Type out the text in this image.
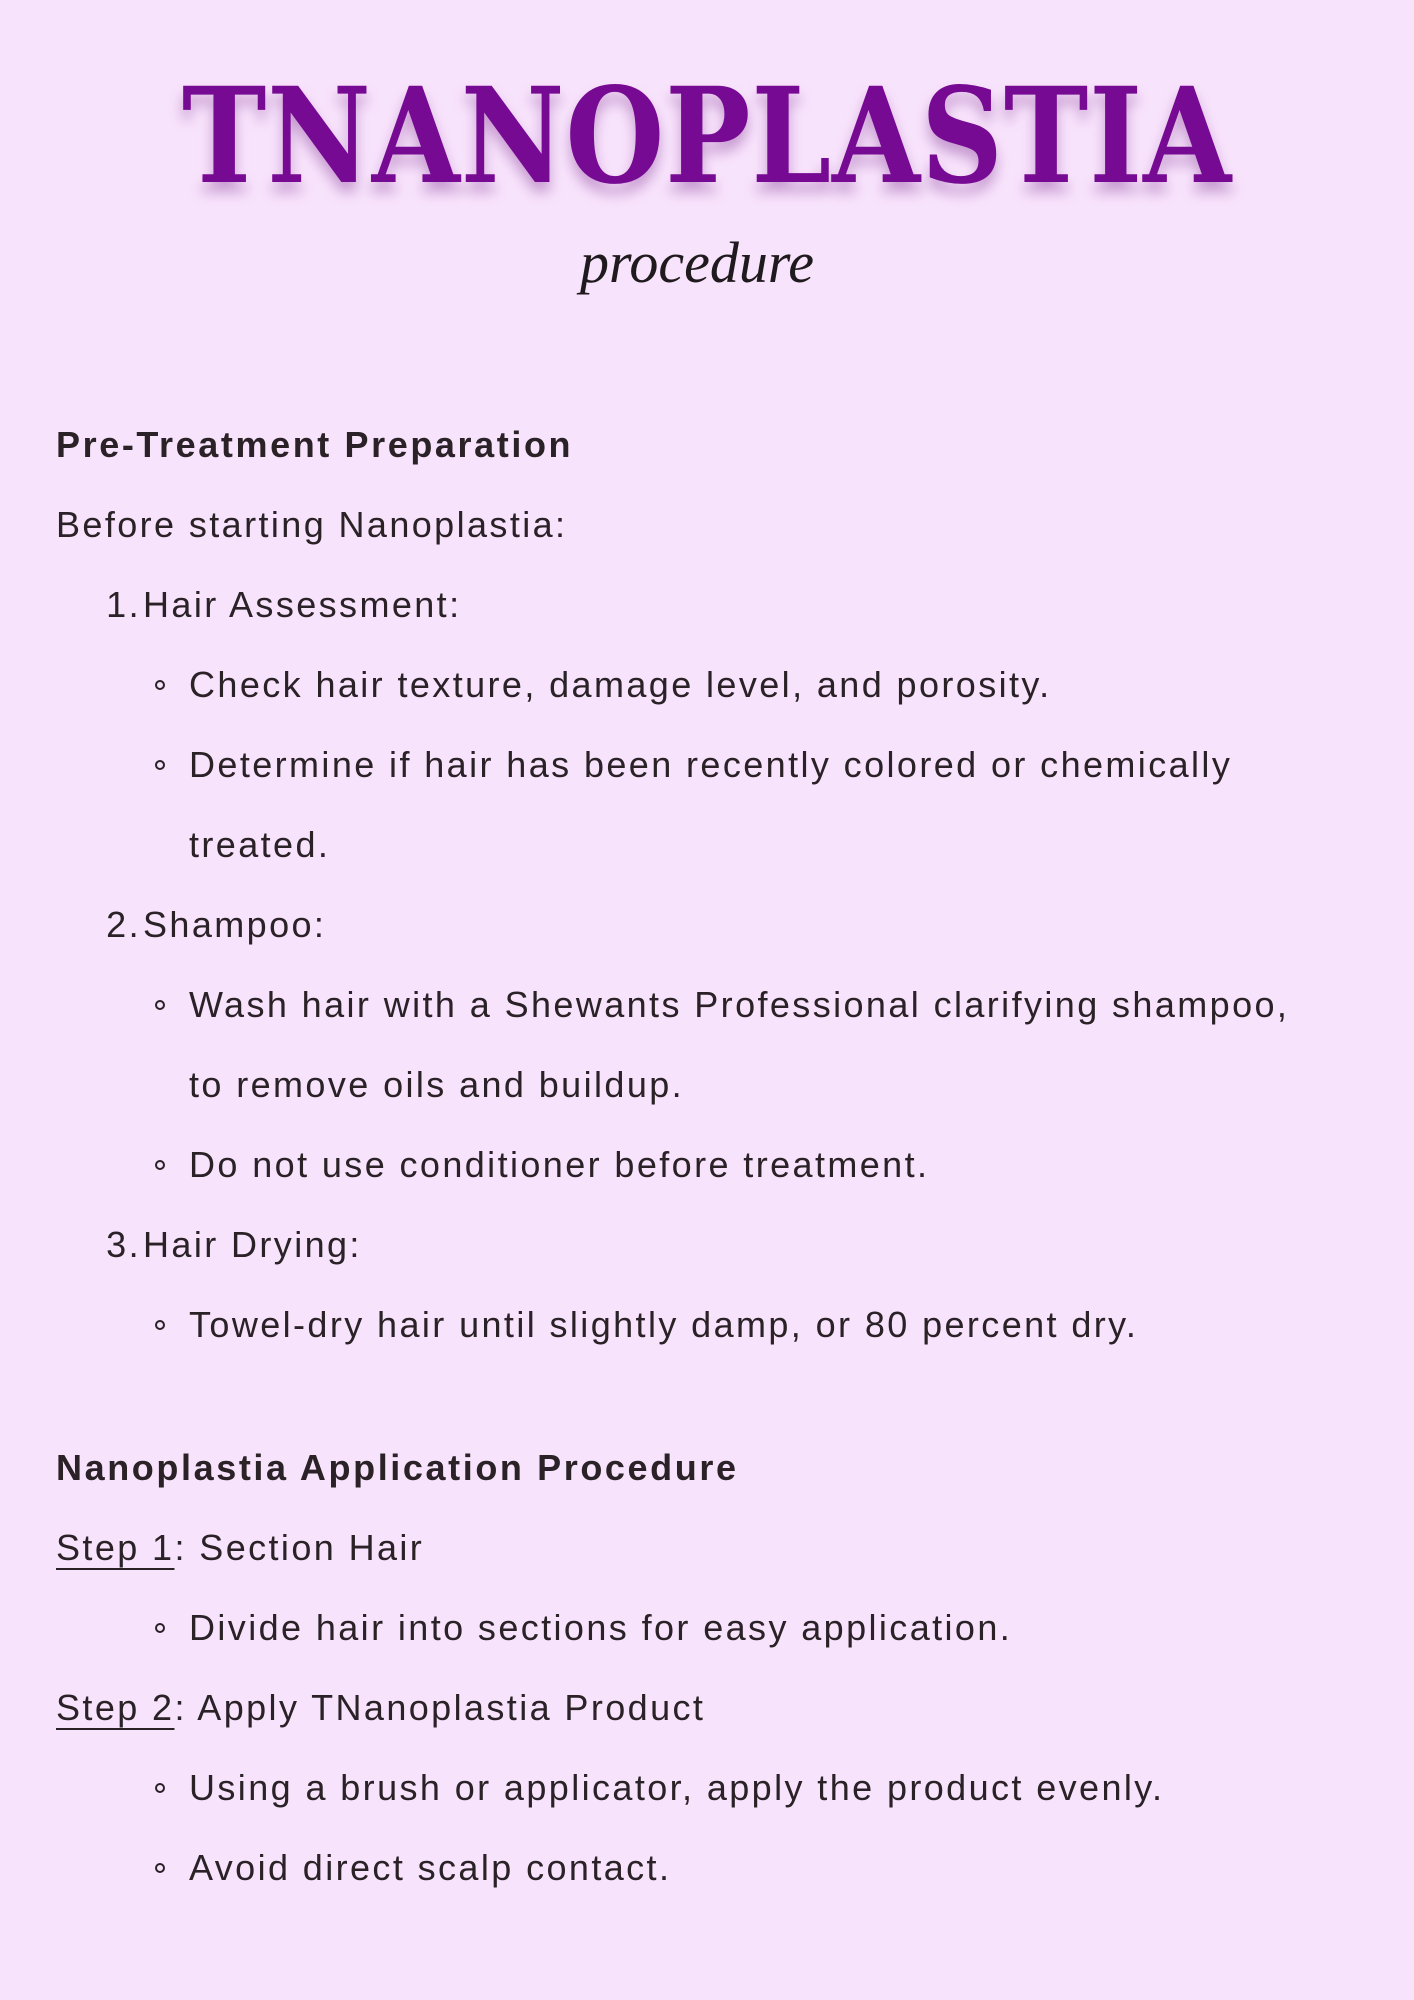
TNANOPLASTIA
procedure
Pre-Treatment Preparation
Before starting Nanoplastia:
1.Hair Assessment:
Check hair texture, damage level, and porosity.
Determine if hair has been recently colored or chemically
treated.
2.Shampoo:
Wash hair with a Shewants Professional clarifying shampoo,
to remove oils and buildup.
Do not use conditioner before treatment.
3.Hair Drying:
Towel-dry hair until slightly damp, or 80 percent dry.
Nanoplastia Application Procedure
Step 1: Section Hair
Divide hair into sections for easy application.
Step 2: Apply TNanoplastia Product
Using a brush or applicator, apply the product evenly.
Avoid direct scalp contact.
